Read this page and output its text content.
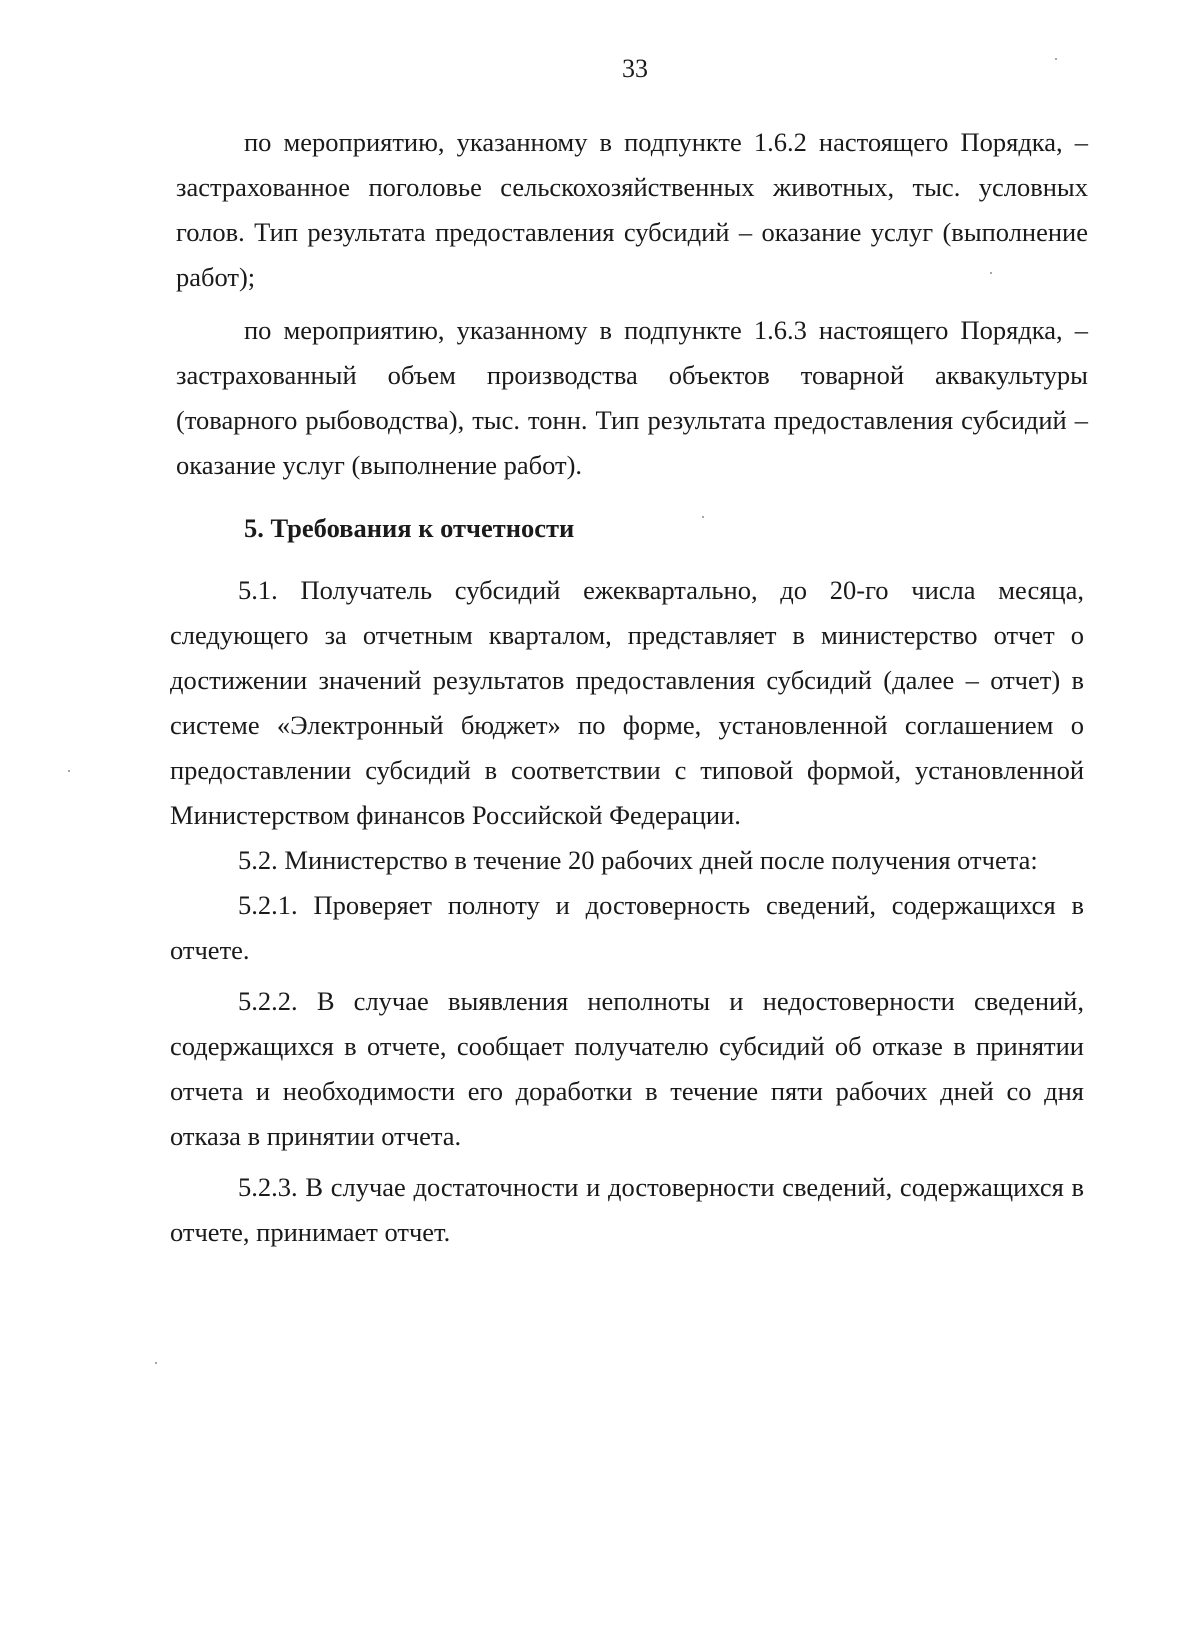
33

по мероприятию, указанному в подпункте 1.6.2 настоящего Порядка, – застрахованное поголовье сельскохозяйственных животных, тыс. условных голов. Тип результата предоставления субсидий – оказание услуг (выполнение работ);

по мероприятию, указанному в подпункте 1.6.3 настоящего Порядка, – застрахованный объем производства объектов товарной аквакультуры (товарного рыбоводства), тыс. тонн. Тип результата предоставления субсидий – оказание услуг (выполнение работ).

5. Требования к отчетности

5.1. Получатель субсидий ежеквартально, до 20-го числа месяца, следующего за отчетным кварталом, представляет в министерство отчет о достижении значений результатов предоставления субсидий (далее – отчет) в системе «Электронный бюджет» по форме, установленной соглашением о предоставлении субсидий в соответствии с типовой формой, установленной Министерством финансов Российской Федерации.

5.2. Министерство в течение 20 рабочих дней после получения отчета:

5.2.1. Проверяет полноту и достоверность сведений, содержащихся в отчете.

5.2.2. В случае выявления неполноты и недостоверности сведений, содержащихся в отчете, сообщает получателю субсидий об отказе в принятии отчета и необходимости его доработки в течение пяти рабочих дней со дня отказа в принятии отчета.

5.2.3. В случае достаточности и достоверности сведений, содержащихся в отчете, принимает отчет.
